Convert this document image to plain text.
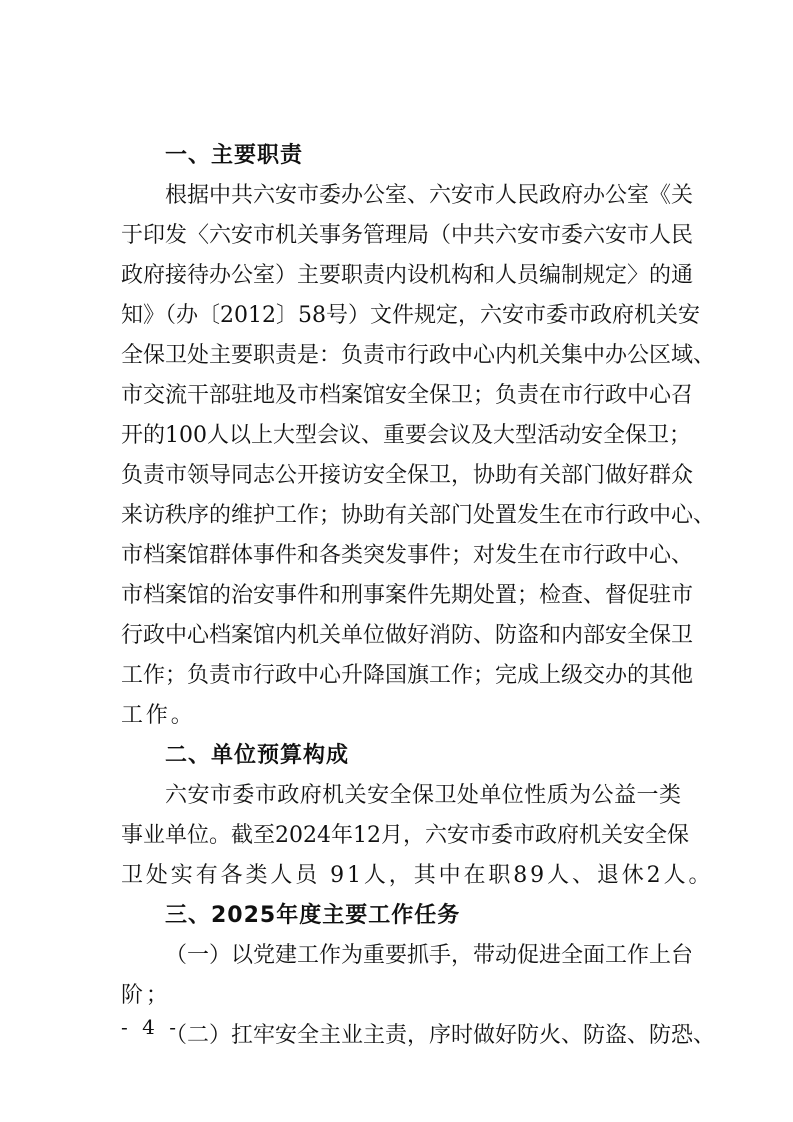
一、主要职责
根据中共六安市委办公室、六安市人民政府办公室《关
于印发〈六安市机关事务管理局（中共六安市委六安市人民
政府接待办公室）主要职责内设机构和人员编制规定〉的通
知》（办〔2012〕58号）文件规定，六安市委市政府机关安
全保卫处主要职责是：负责市行政中心内机关集中办公区域、
市交流干部驻地及市档案馆安全保卫；负责在市行政中心召
开的100人以上大型会议、重要会议及大型活动安全保卫；
负责市领导同志公开接访安全保卫，协助有关部门做好群众
来访秩序的维护工作；协助有关部门处置发生在市行政中心、
市档案馆群体事件和各类突发事件；对发生在市行政中心、
市档案馆的治安事件和刑事案件先期处置；检查、督促驻市
行政中心档案馆内机关单位做好消防、防盗和内部安全保卫
工作；负责市行政中心升降国旗工作；完成上级交办的其他
工作。
二、单位预算构成
六安市委市政府机关安全保卫处单位性质为公益一类
事业单位。截至2024年12月，六安市委市政府机关安全保
卫处实有各类人员 91人，其中在职89人、退休2人。
三、2025年度主要工作任务
（一）以党建工作为重要抓手，带动促进全面工作上台
阶；
（二）扛牢安全主业主责，序时做好防火、防盗、防恐、
- 4 -
